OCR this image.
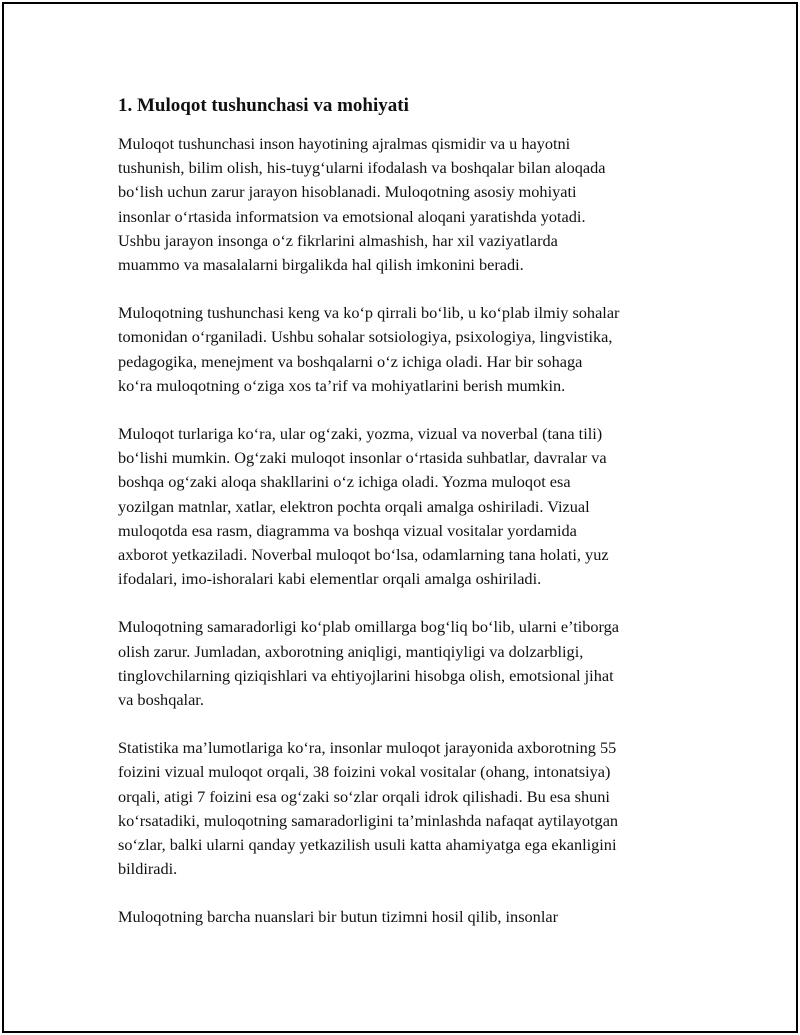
1. Muloqot tushunchasi va mohiyati

Muloqot tushunchasi inson hayotining ajralmas qismidir va u hayotni
tushunish, bilim olish, his-tuyg‘ularni ifodalash va boshqalar bilan aloqada
bo‘lish uchun zarur jarayon hisoblanadi. Muloqotning asosiy mohiyati
insonlar o‘rtasida informatsion va emotsional aloqani yaratishda yotadi.
Ushbu jarayon insonga o‘z fikrlarini almashish, har xil vaziyatlarda
muammo va masalalarni birgalikda hal qilish imkonini beradi.

Muloqotning tushunchasi keng va ko‘p qirrali bo‘lib, u ko‘plab ilmiy sohalar
tomonidan o‘rganiladi. Ushbu sohalar sotsiologiya, psixologiya, lingvistika,
pedagogika, menejment va boshqalarni o‘z ichiga oladi. Har bir sohaga
ko‘ra muloqotning o‘ziga xos ta’rif va mohiyatlarini berish mumkin.

Muloqot turlariga ko‘ra, ular og‘zaki, yozma, vizual va noverbal (tana tili)
bo‘lishi mumkin. Og‘zaki muloqot insonlar o‘rtasida suhbatlar, davralar va
boshqa og‘zaki aloqa shakllarini o‘z ichiga oladi. Yozma muloqot esa
yozilgan matnlar, xatlar, elektron pochta orqali amalga oshiriladi. Vizual
muloqotda esa rasm, diagramma va boshqa vizual vositalar yordamida
axborot yetkaziladi. Noverbal muloqot bo‘lsa, odamlarning tana holati, yuz
ifodalari, imo-ishoralari kabi elementlar orqali amalga oshiriladi.

Muloqotning samaradorligi ko‘plab omillarga bog‘liq bo‘lib, ularni e’tiborga
olish zarur. Jumladan, axborotning aniqligi, mantiqiyligi va dolzarbligi,
tinglovchilarning qiziqishlari va ehtiyojlarini hisobga olish, emotsional jihat
va boshqalar.

Statistika ma’lumotlariga ko‘ra, insonlar muloqot jarayonida axborotning 55
foizini vizual muloqot orqali, 38 foizini vokal vositalar (ohang, intonatsiya)
orqali, atigi 7 foizini esa og‘zaki so‘zlar orqali idrok qilishadi. Bu esa shuni
ko‘rsatadiki, muloqotning samaradorligini ta’minlashda nafaqat aytilayotgan
so‘zlar, balki ularni qanday yetkazilish usuli katta ahamiyatga ega ekanligini
bildiradi.

Muloqotning barcha nuanslari bir butun tizimni hosil qilib, insonlar
